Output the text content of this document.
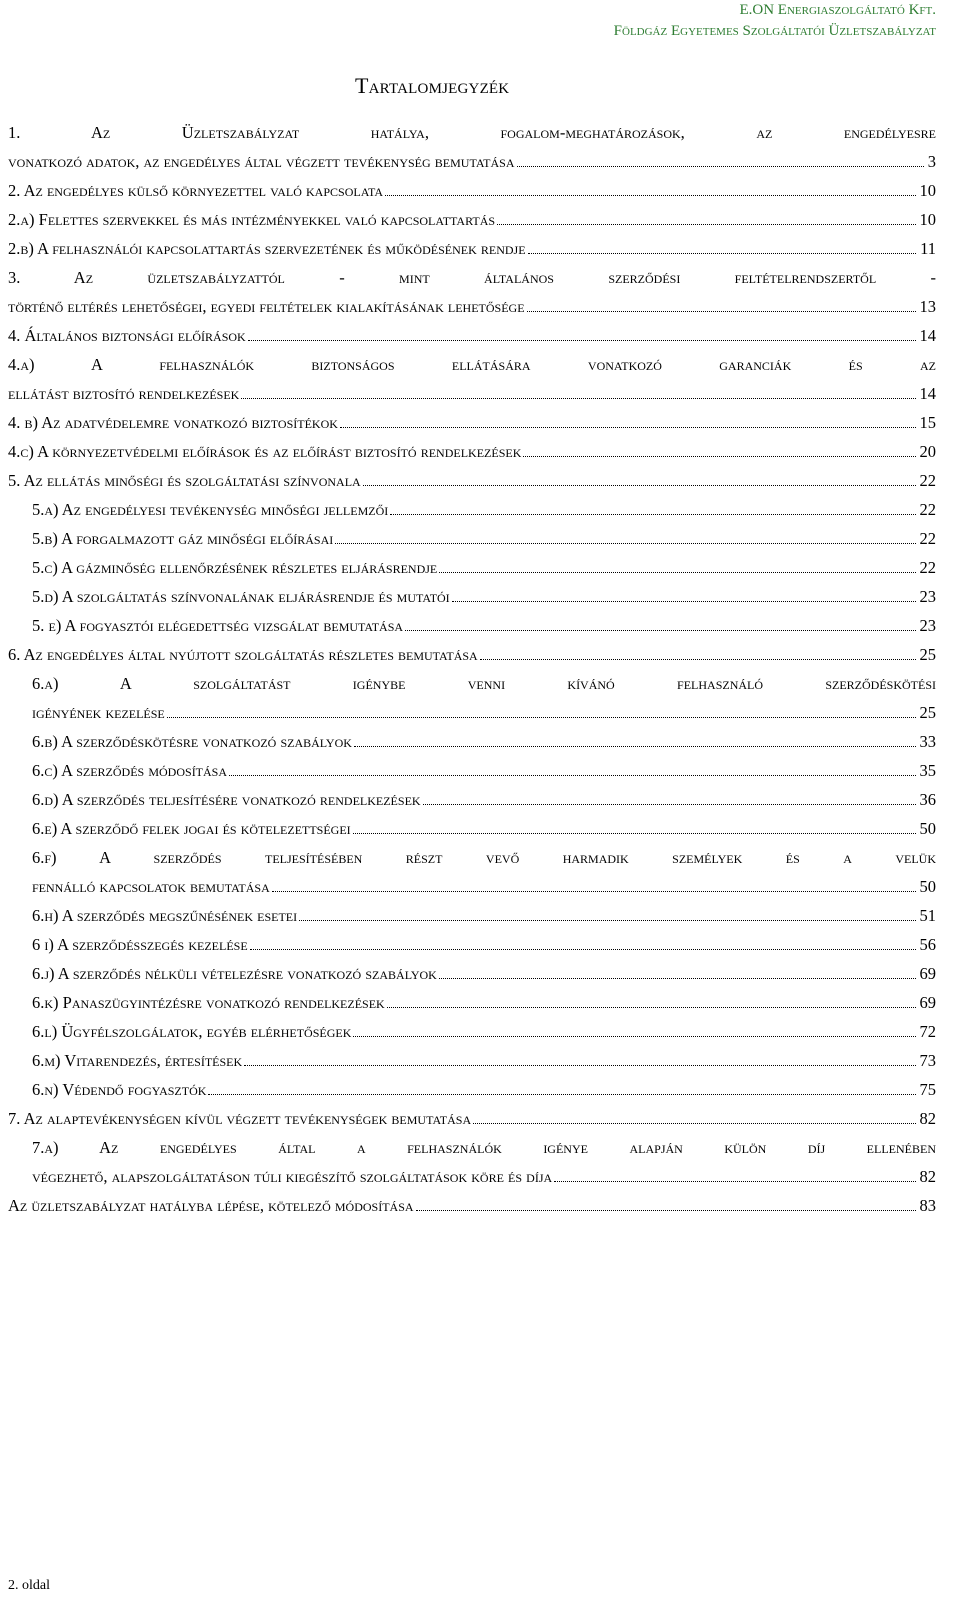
E.ON Energiaszolgáltató Kft.
Földgáz Egyetemes Szolgáltatói Üzletszabályzat
Tartalomjegyzék
1. Az Üzletszabályzat hatálya, fogalom-meghatározások, az engedélyesre
vonatkozó adatok, az engedélyes által végzett tevékenység bemutatása	3
2. Az engedélyes külső környezettel való kapcsolata	10
2.a) Felettes szervekkel és más intézményekkel való kapcsolattartás	10
2.b) A felhasználói kapcsolattartás szervezetének és működésének rendje	11
3. Az üzletszabályzattól - mint általános szerződési feltételrendszertől -
történő eltérés lehetőségei, egyedi feltételek kialakításának lehetősége	13
4. Általános biztonsági előírások	14
4.a) A felhasználók biztonságos ellátására vonatkozó garanciák és az
ellátást biztosító rendelkezések	14
4. b) Az adatvédelemre vonatkozó biztosítékok	15
4.c) A környezetvédelmi előírások és az előírást biztosító rendelkezések	20
5. Az ellátás minőségi és szolgáltatási színvonala	22
5.a) Az engedélyesi tevékenység minőségi jellemzői	22
5.b) A forgalmazott gáz minőségi előírásai	22
5.c) A gázminőség ellenőrzésének részletes eljárásrendje	22
5.d) A szolgáltatás színvonalának eljárásrendje és mutatói	23
5. e) A fogyasztói elégedettség vizsgálat bemutatása	23
6. Az engedélyes által nyújtott szolgáltatás részletes bemutatása	25
6.a) A szolgáltatást igénybe venni kívánó felhasználó szerződéskötési
igényének kezelése	25
6.b) A szerződéskötésre vonatkozó szabályok	33
6.c) A szerződés módosítása	35
6.d) A szerződés teljesítésére vonatkozó rendelkezések	36
6.e) A szerződő felek jogai és kötelezettségei	50
6.f) A szerződés teljesítésében részt vevő harmadik személyek és a velük
fennálló kapcsolatok bemutatása	50
6.h) A szerződés megszűnésének esetei	51
6 i) A szerződésszegés kezelése	56
6.j) A szerződés nélküli vételezésre vonatkozó szabályok	69
6.k) Panaszügyintézésre vonatkozó rendelkezések	69
6.l) Ügyfélszolgálatok, egyéb elérhetőségek	72
6.m) Vitarendezés, értesítések	73
6.n) Védendő fogyasztók	75
7. Az alaptevékenységen kívül végzett tevékenységek bemutatása	82
7.a) Az engedélyes által a felhasználók igénye alapján külön díj ellenében
végezhető, alapszolgáltatáson túli kiegészítő szolgáltatások köre és díja	82
Az üzletszabályzat hatályba lépése, kötelező módosítása	83
2. oldal
